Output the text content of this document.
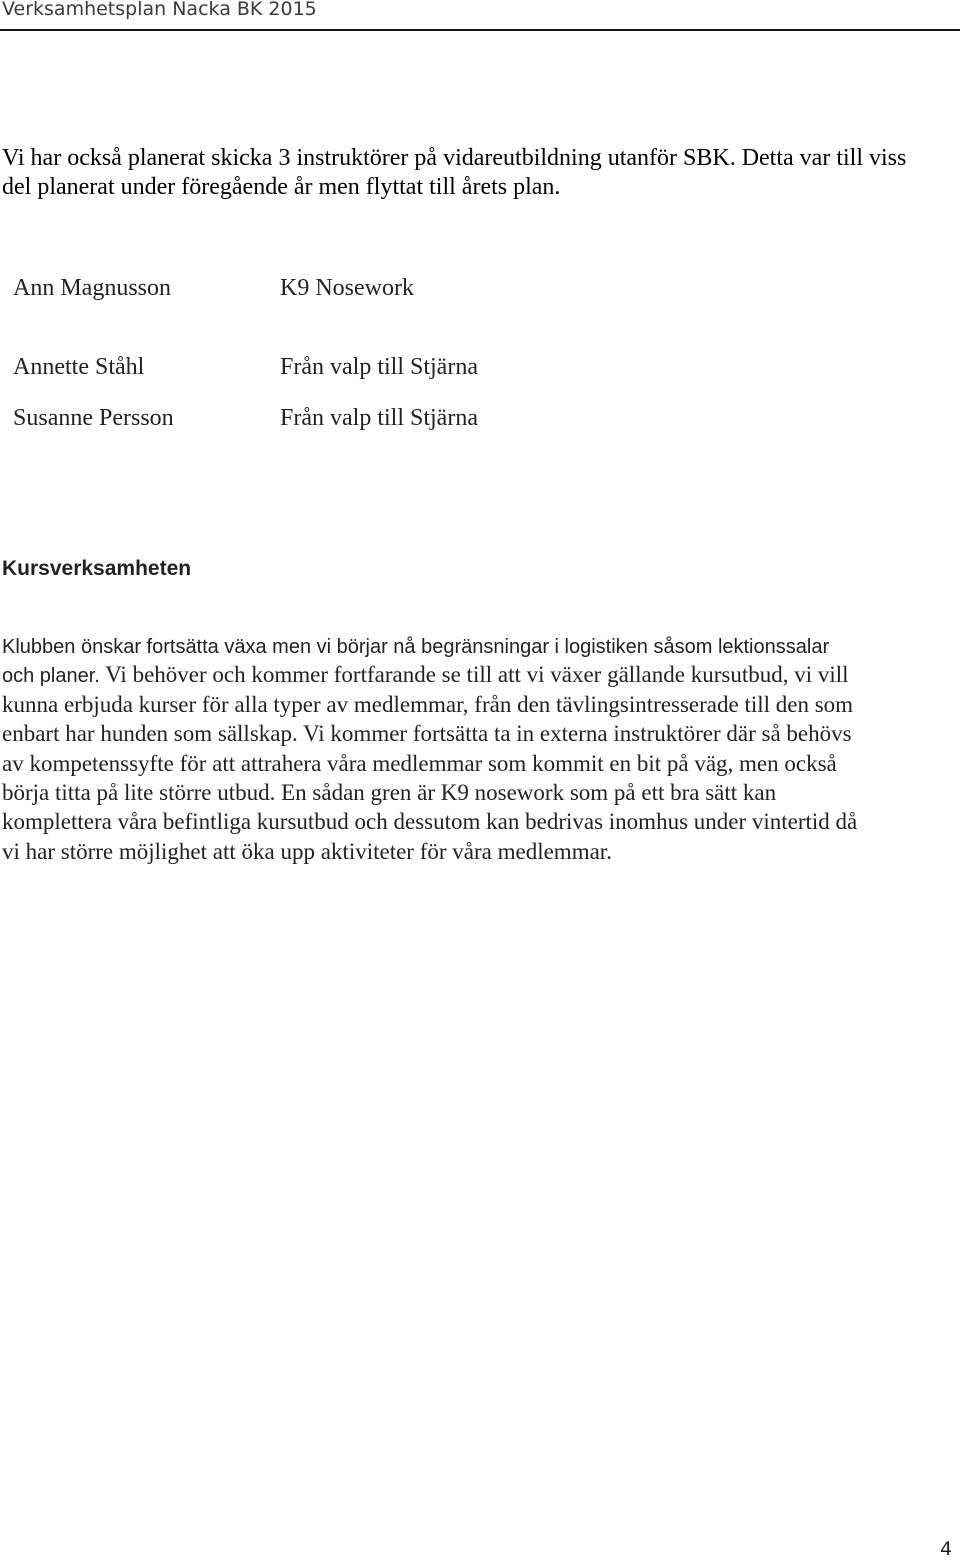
Verksamhetsplan Nacka BK 2015
Vi har också planerat skicka 3 instruktörer på vidareutbildning utanför SBK. Detta var till viss
del planerat under föregående år men flyttat till årets plan.
Ann Magnusson	K9 Nosework
Annette Ståhl	Från valp till Stjärna
Susanne Persson	Från valp till Stjärna
Kursverksamheten
Klubben önskar fortsätta växa men vi börjar nå begränsningar i logistiken såsom lektionssalar
och planer. Vi behöver och kommer fortfarande se till att vi växer gällande kursutbud, vi vill
kunna erbjuda kurser för alla typer av medlemmar, från den tävlingsintresserade till den som
enbart har hunden som sällskap. Vi kommer fortsätta ta in externa instruktörer där så behövs
av kompetenssyfte för att attrahera våra medlemmar som kommit en bit på väg, men också
börja titta på lite större utbud. En sådan gren är K9 nosework som på ett bra sätt kan
komplettera våra befintliga kursutbud och dessutom kan bedrivas inomhus under vintertid då
vi har större möjlighet att öka upp aktiviteter för våra medlemmar.
4
